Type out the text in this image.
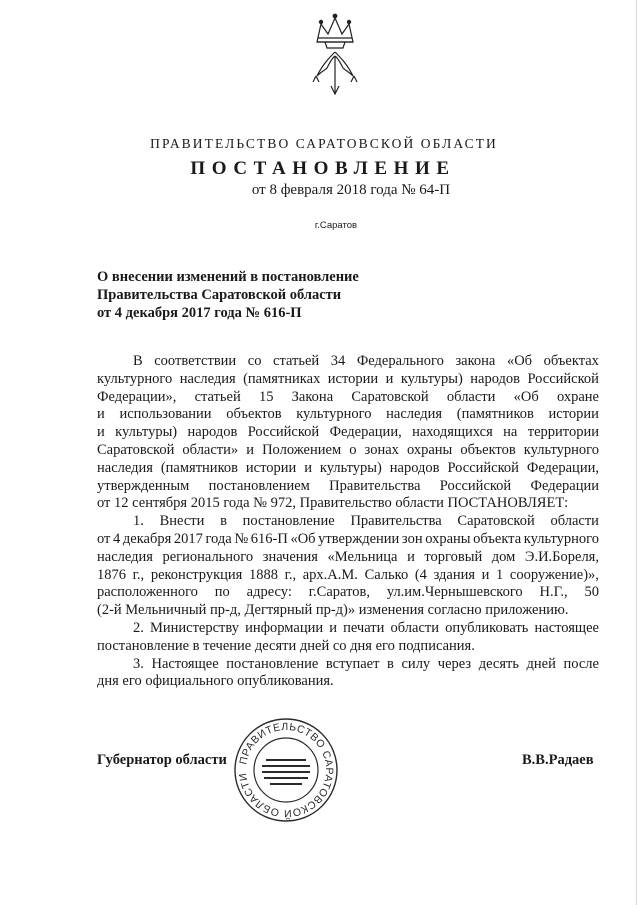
ПРАВИТЕЛЬСТВО САРАТОВСКОЙ ОБЛАСТИ
ПОСТАНОВЛЕНИЕ
от 8 февраля 2018 года № 64-П
г.Саратов
О внесении изменений в постановление
Правительства Саратовской области
от 4 декабря 2017 года № 616-П
В соответствии со статьей 34 Федерального закона «Об объектах
культурного наследия (памятниках истории и культуры) народов Российской
Федерации», статьей 15 Закона Саратовской области «Об охране
и использовании объектов культурного наследия (памятников истории
и культуры) народов Российской Федерации, находящихся на территории
Саратовской области» и Положением о зонах охраны объектов культурного
наследия (памятников истории и культуры) народов Российской Федерации,
утвержденным постановлением Правительства Российской Федерации
от 12 сентября 2015 года № 972, Правительство области ПОСТАНОВЛЯЕТ:
1. Внести в постановление Правительства Саратовской области
от 4 декабря 2017 года № 616-П «Об утверждении зон охраны объекта культурного
наследия регионального значения «Мельница и торговый дом Э.И.Бореля,
1876 г., реконструкция 1888 г., арх.А.М. Салько (4 здания и 1 сооружение)»,
расположенного по адресу: г.Саратов, ул.им.Чернышевского Н.Г., 50
(2-й Мельничный пр-д, Дегтярный пр-д)» изменения согласно приложению.
2. Министерству информации и печати области опубликовать настоящее
постановление в течение десяти дней со дня его подписания.
3. Настоящее постановление вступает в силу через десять дней после
дня его официального опубликования.
Губернатор области	В.В.Радаев
ПРАВИТЕЛЬСТВО САРАТОВСКОЙ ОБЛАСТИ
